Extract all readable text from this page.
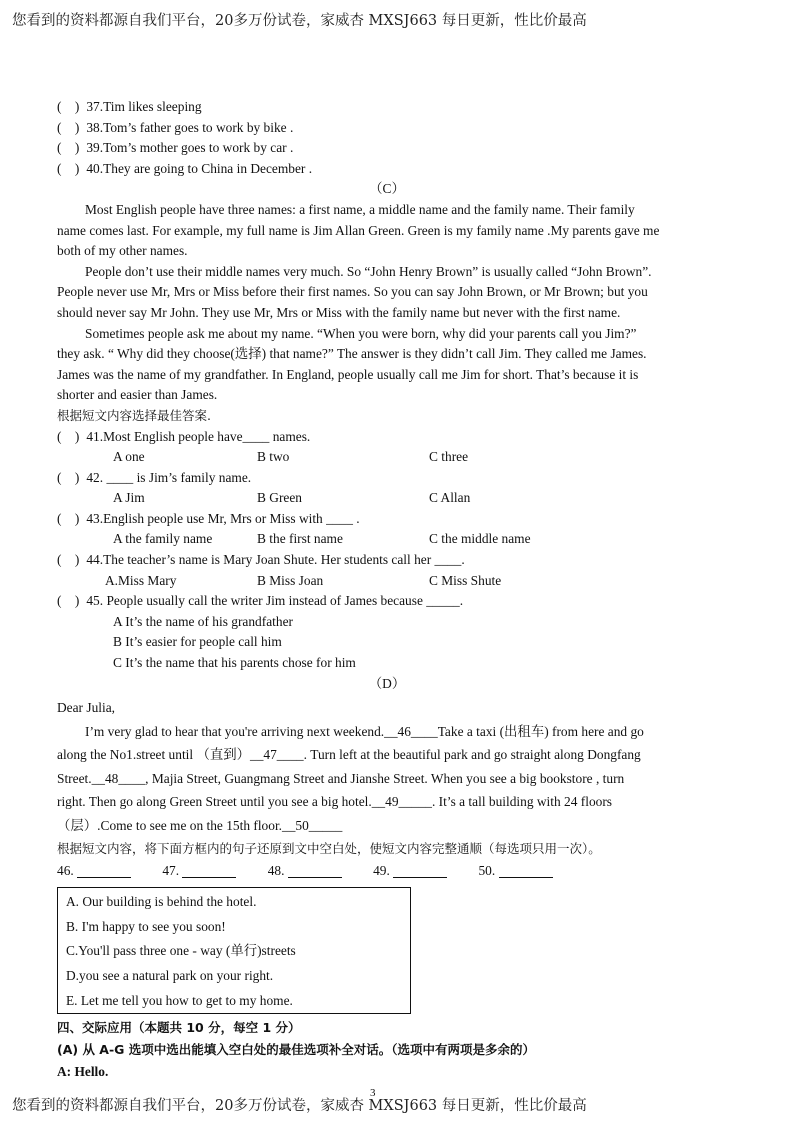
您看到的资料都源自我们平台，20多万份试卷，家威杏 MXSJ663 每日更新，性比价最高
( ) 37.Tim likes sleeping
( ) 38.Tom’s father goes to work by bike .
( ) 39.Tom’s mother goes to work by car .
( ) 40.They are going to China in December .
（C）
Most English people have three names: a first name, a middle name and the family name. Their family
name comes last. For example, my full name is Jim Allan Green. Green is my family name .My parents gave me
both of my other names.
People don’t use their middle names very much. So “John Henry Brown” is usually called “John Brown”.
People never use Mr, Mrs or Miss before their first names. So you can say John Brown, or Mr Brown; but you
should never say Mr John. They use Mr, Mrs or Miss with the family name but never with the first name.
Sometimes people ask me about my name. “When you were born, why did your parents call you Jim?”
they ask. “ Why did they choose(选择) that name?” The answer is they didn’t call Jim. They called me James.
James was the name of my grandfather. In England, people usually call me Jim for short. That’s because it is
shorter and easier than James.
根据短文内容选择最佳答案.
(    ) 41.Most English people have____ names.
A one	B two	C three
(    ) 42. ____ is Jim’s family name.
A Jim	B Green	C Allan
(    ) 43.English people use Mr, Mrs or Miss with ____ .
A the family name	B the first name	C the middle name
(    ) 44.The teacher’s name is Mary Joan Shute. Her students call her ____.
A.Miss Mary	B Miss Joan	C Miss Shute
(    ) 45. People usually call the writer Jim instead of James because _____.
A It’s the name of his grandfather
B It’s easier for people call him
C It’s the name that his parents chose for him
（D）
Dear Julia,
I’m very glad to hear that you're arriving next weekend.__46____Take a taxi (出租车) from here and go
along the No1.street until （直到）__47____. Turn left at the beautiful park and go straight along Dongfang
Street.__48____, Majia Street, Guangmang Street and Jianshe Street. When you see a big bookstore , turn
right. Then go along Green Street until you see a big hotel.__49_____. It’s a tall building with 24 floors
（层）.Come to see me on the 15th floor.__50_____
根据短文内容，将下面方框内的句子还原到文中空白处，使短文内容完整通顺（每选项只用一次）。
46.	47.	48.	49.	50.
A. Our building is behind the hotel.
B. I'm happy to see you soon!
C.You'll pass three one - way (单行)streets
D.you see a natural park on your right.
E. Let me tell you how to get to my home.
四、交际应用（本题共 10 分，每空 1 分）
(A) 从 A-G 选项中选出能填入空白处的最佳选项补全对话。（选项中有两项是多余的）
A: Hello.
3
您看到的资料都源自我们平台，20多万份试卷，家威杏 MXSJ663 每日更新，性比价最高
